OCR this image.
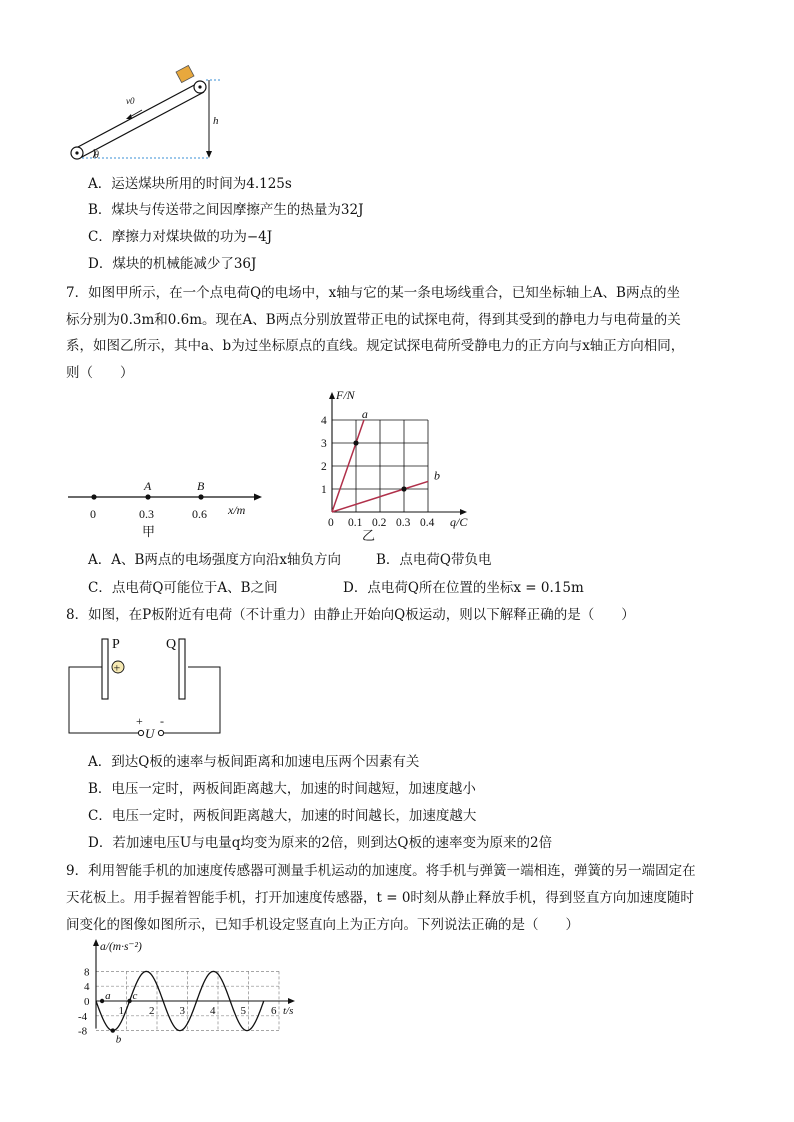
h
v0
θ
A．运送煤块所用的时间为4.125s
B．煤块与传送带之间因摩擦产生的热量为32J
C．摩擦力对煤块做的功为−4J
D．煤块的机械能减少了36J
7．如图甲所示，在一个点电荷Q的电场中，x轴与它的某一条电场线重合，已知坐标轴上A、B两点的坐
标分别为0.3m和0.6m。现在A、B两点分别放置带正电的试探电荷，得到其受到的静电力与电荷量的关
系，如图乙所示，其中a、b为过坐标原点的直线。规定试探电荷所受静电力的正方向与x轴正方向相同，
则（　　）
A	B
0	0.3	0.6 x/m
甲
0 0.1 0.2 0.3 0.4
1
2
3
4
q/C
F/N
a
b
乙
A．A、B两点的电场强度方向沿x轴负方向	B．点电荷Q带负电
C．点电荷Q可能位于A、B之间	D．点电荷Q所在位置的坐标x = 0.15m
8．如图，在P板附近有电荷（不计重力）由静止开始向Q板运动，则以下解释正确的是（　　）
P	Q
+
+ -
U
A．到达Q板的速率与板间距离和加速电压两个因素有关
B．电压一定时，两板间距离越大，加速的时间越短，加速度越小
C．电压一定时，两板间距离越大，加速的时间越长，加速度越大
D．若加速电压U与电量q均变为原来的2倍，则到达Q板的速率变为原来的2倍
9．利用智能手机的加速度传感器可测量手机运动的加速度。将手机与弹簧一端相连，弹簧的另一端固定在
天花板上。用手握着智能手机，打开加速度传感器，t = 0时刻从静止释放手机，得到竖直方向加速度随时
间变化的图像如图所示，已知手机设定竖直向上为正方向。下列说法正确的是（　　）
8
4
0
-4
-8
1 2 3 4 5 6 t/s
a/(m·s⁻²)
a
b
c
